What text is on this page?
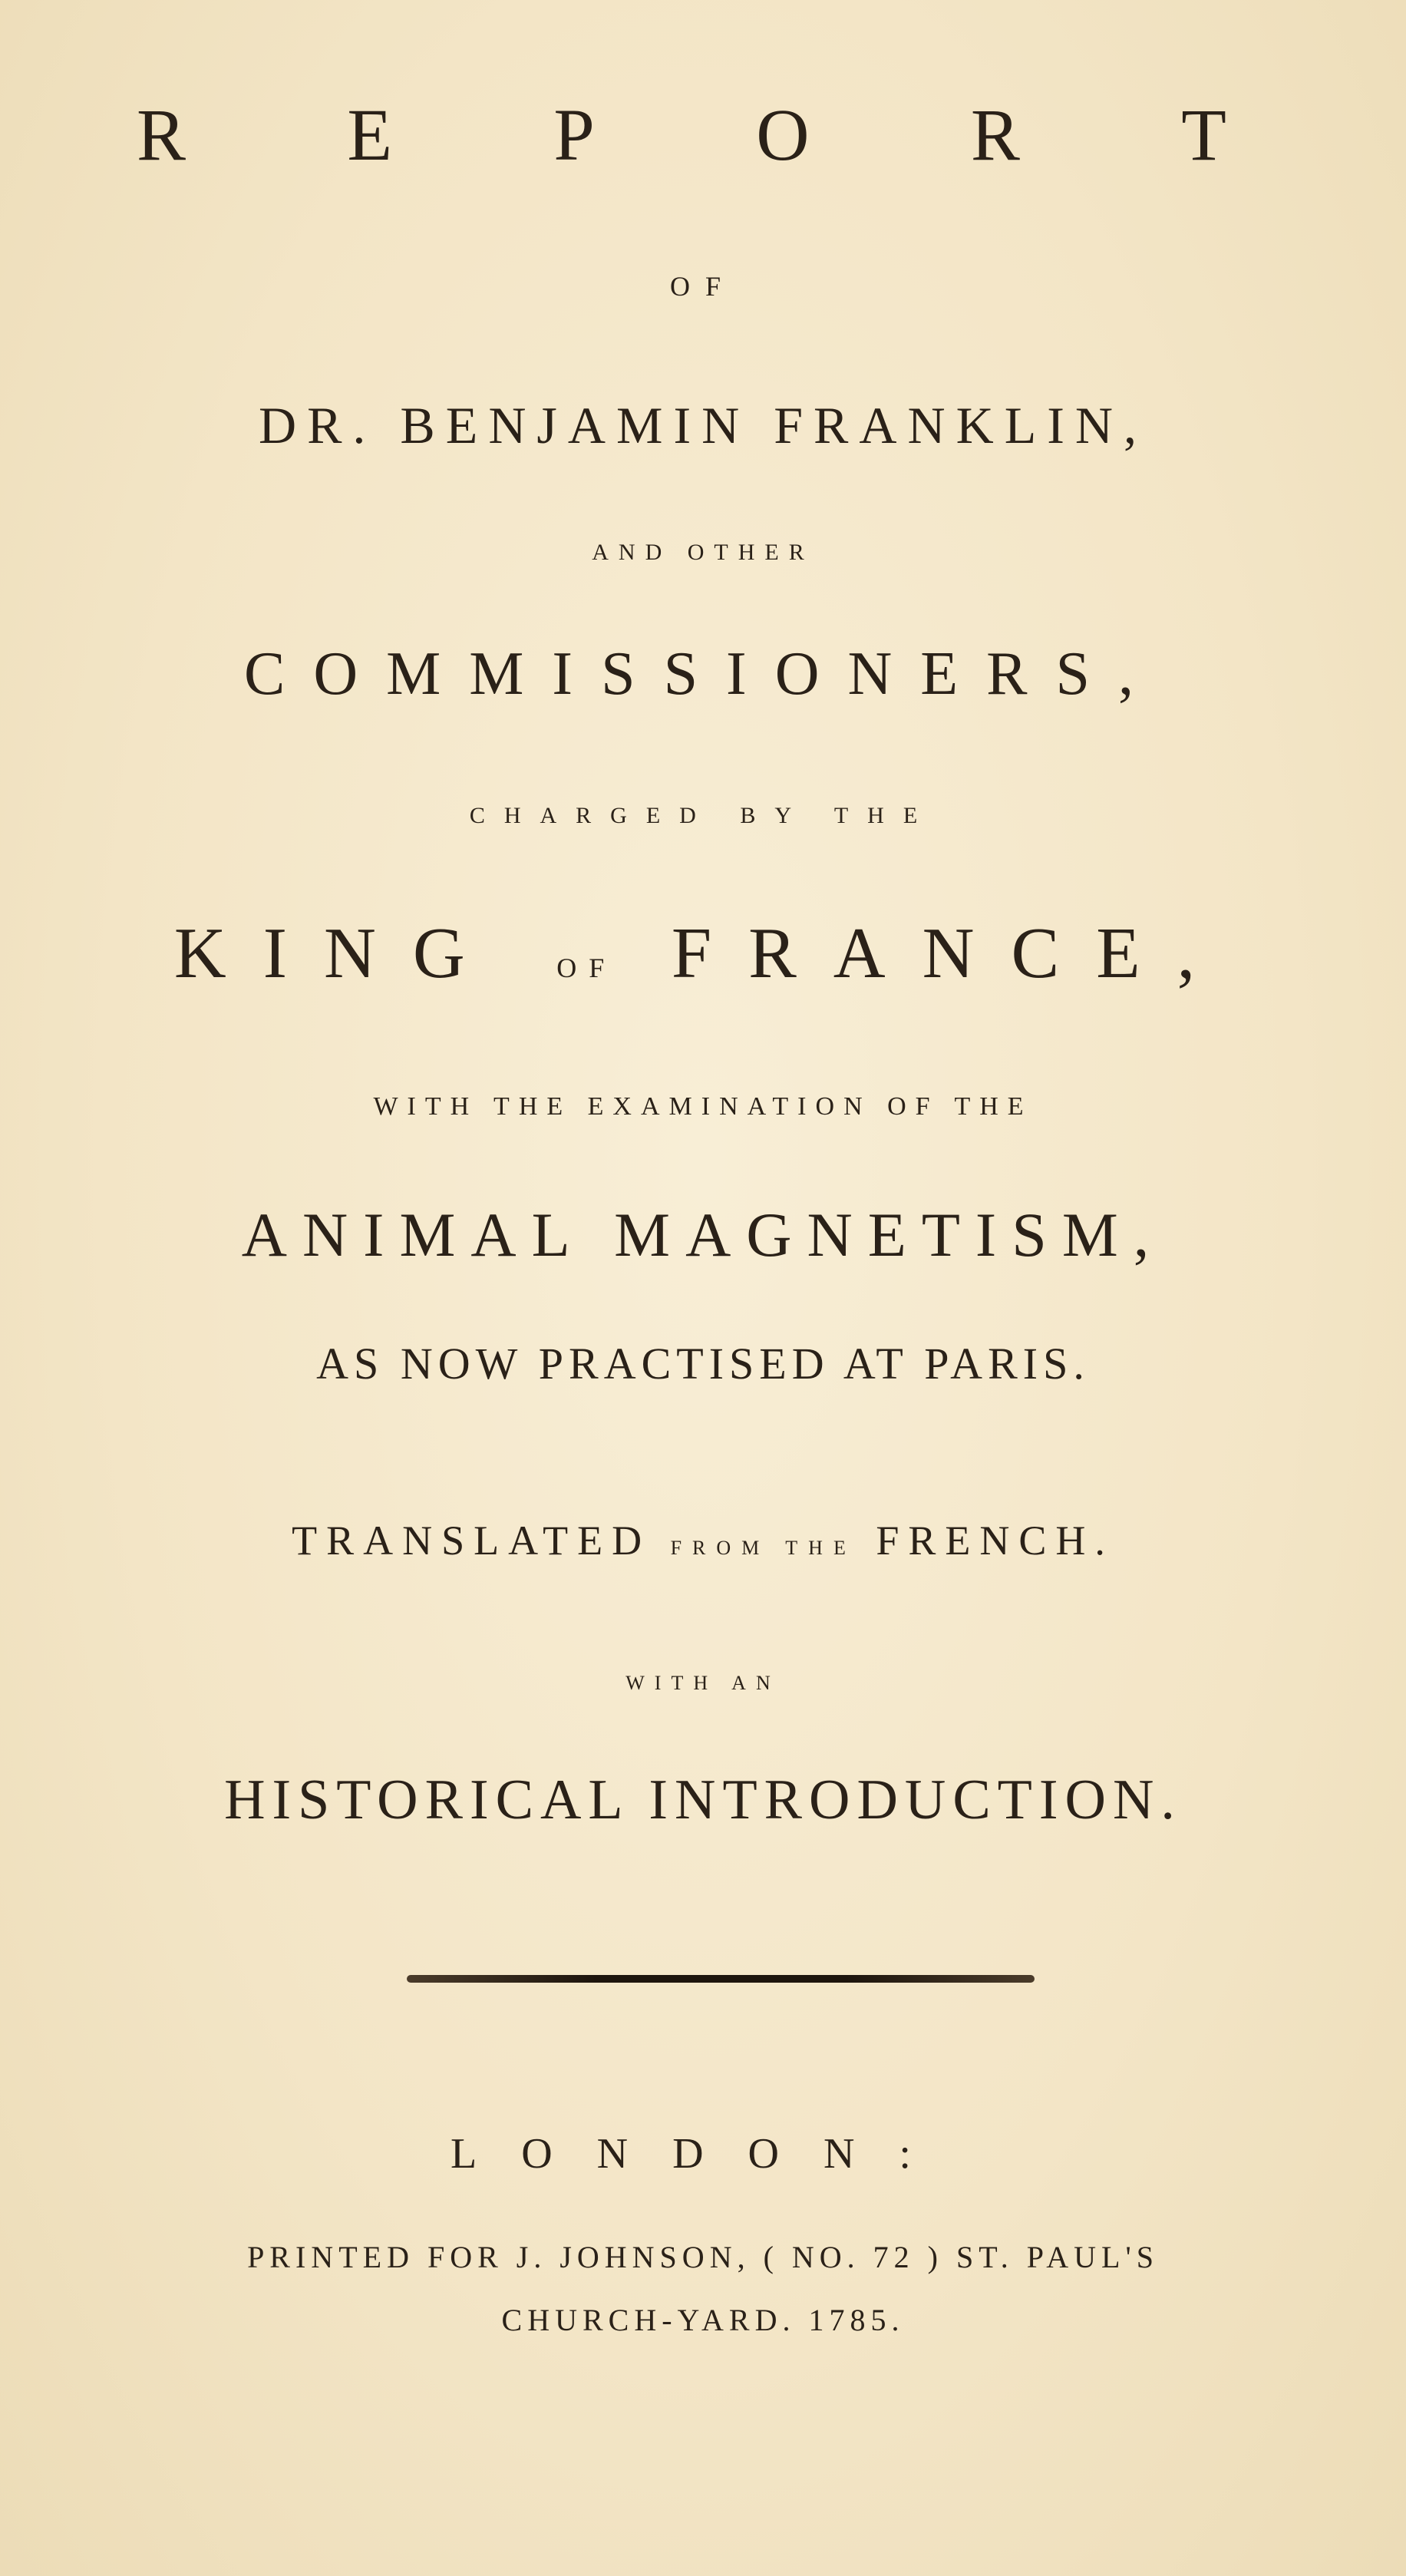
R E P O R T
OF
DR. BENJAMIN FRANKLIN,
AND OTHER
COMMISSIONERS,
CHARGED BY THE
KING OF FRANCE,
WITH THE EXAMINATION OF THE
ANIMAL MAGNETISM,
AS NOW PRACTISED AT PARIS.
TRANSLATED FROM THE FRENCH.
WITH AN
HISTORICAL INTRODUCTION.
LONDON:
PRINTED FOR J. JOHNSON, ( NO. 72 ) ST. PAUL'S
CHURCH-YARD. 1785.
